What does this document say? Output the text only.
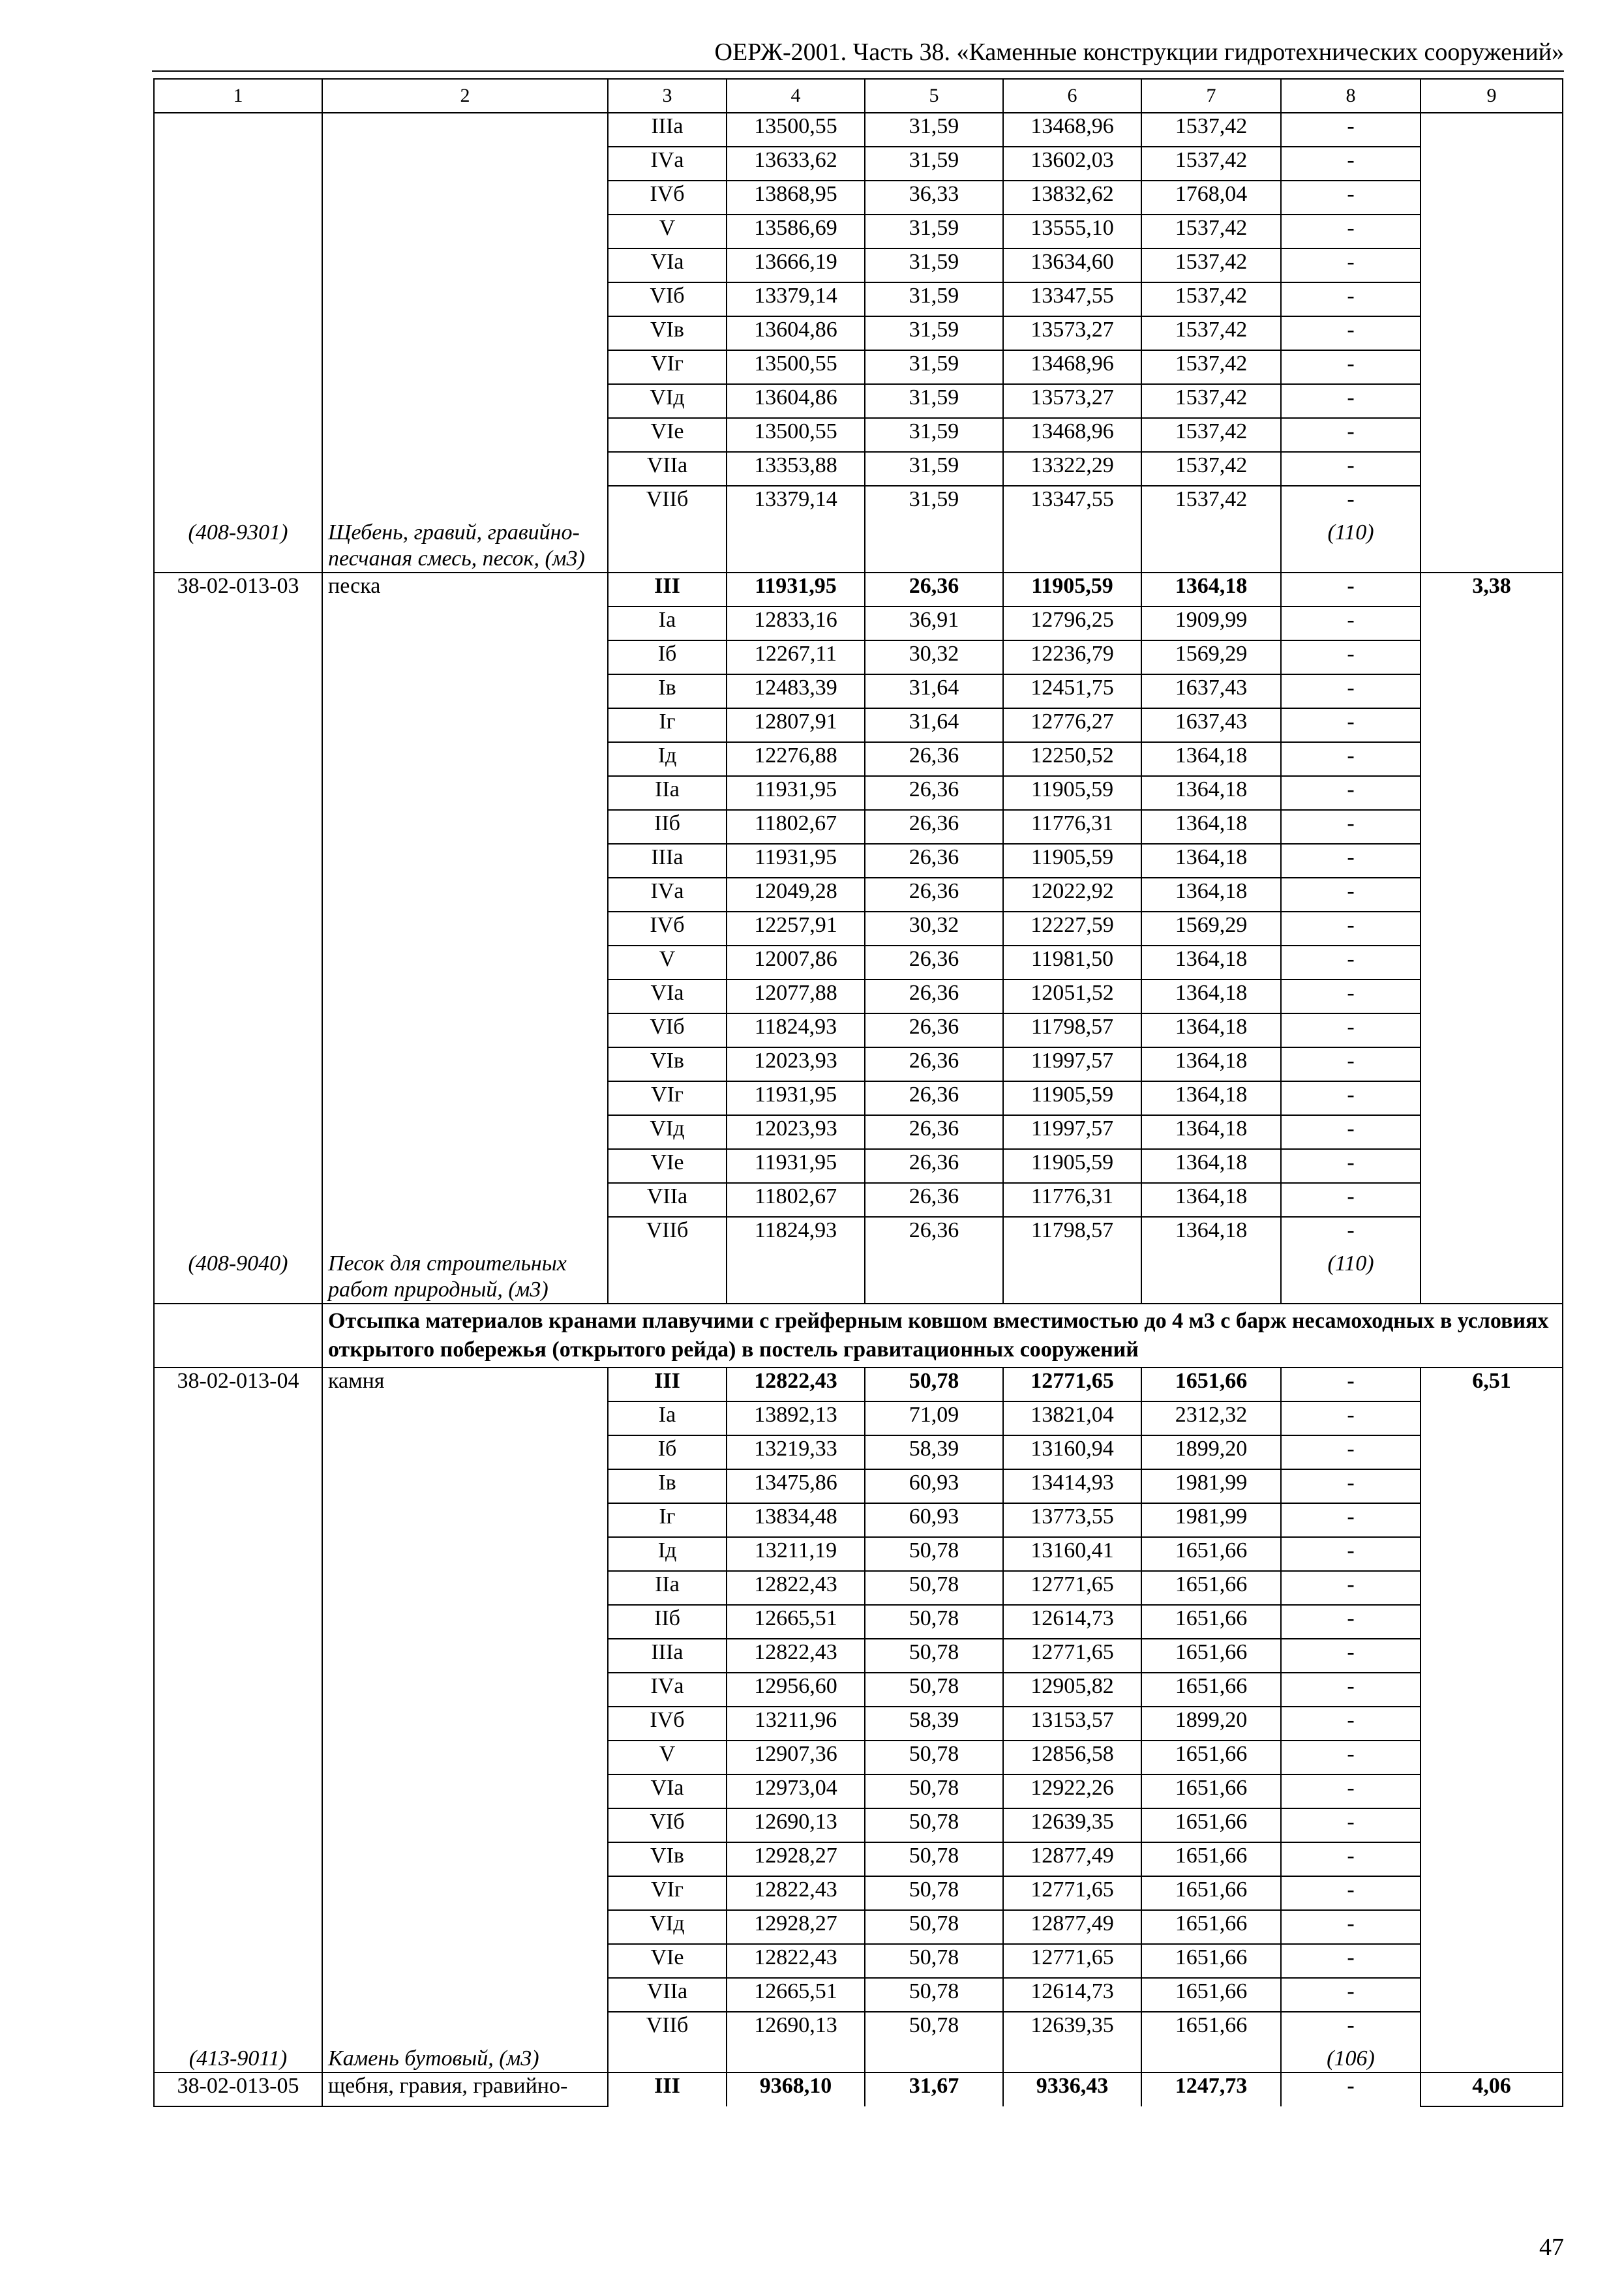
ОЕРЖ-2001. Часть 38. «Каменные конструкции гидротехнических сооружений»
1	2	3	4	5	6	7	8	9
		IIIа	13500,55	31,59	13468,96	1537,42	-	
		IVа	13633,62	31,59	13602,03	1537,42	-	
		IVб	13868,95	36,33	13832,62	1768,04	-	
		V	13586,69	31,59	13555,10	1537,42	-	
		VIа	13666,19	31,59	13634,60	1537,42	-	
		VIб	13379,14	31,59	13347,55	1537,42	-	
		VIв	13604,86	31,59	13573,27	1537,42	-	
		VIг	13500,55	31,59	13468,96	1537,42	-	
		VIд	13604,86	31,59	13573,27	1537,42	-	
		VIе	13500,55	31,59	13468,96	1537,42	-	
		VIIа	13353,88	31,59	13322,29	1537,42	-	
		VIIб	13379,14	31,59	13347,55	1537,42	-	
(408-9301)	Щебень, гравий, гравийно-песчаная смесь, песок, (м3)						(110)	
38-02-013-03	песка	III	11931,95	26,36	11905,59	1364,18	-	3,38
		Iа	12833,16	36,91	12796,25	1909,99	-	
		Iб	12267,11	30,32	12236,79	1569,29	-	
		Iв	12483,39	31,64	12451,75	1637,43	-	
		Iг	12807,91	31,64	12776,27	1637,43	-	
		Iд	12276,88	26,36	12250,52	1364,18	-	
		IIа	11931,95	26,36	11905,59	1364,18	-	
		IIб	11802,67	26,36	11776,31	1364,18	-	
		IIIа	11931,95	26,36	11905,59	1364,18	-	
		IVа	12049,28	26,36	12022,92	1364,18	-	
		IVб	12257,91	30,32	12227,59	1569,29	-	
		V	12007,86	26,36	11981,50	1364,18	-	
		VIа	12077,88	26,36	12051,52	1364,18	-	
		VIб	11824,93	26,36	11798,57	1364,18	-	
		VIв	12023,93	26,36	11997,57	1364,18	-	
		VIг	11931,95	26,36	11905,59	1364,18	-	
		VIд	12023,93	26,36	11997,57	1364,18	-	
		VIе	11931,95	26,36	11905,59	1364,18	-	
		VIIа	11802,67	26,36	11776,31	1364,18	-	
		VIIб	11824,93	26,36	11798,57	1364,18	-	
(408-9040)	Песок для строительных работ природный, (м3)						(110)	
	Отсыпка материалов кранами плавучими с грейферным ковшом вместимостью до 4 м3 с барж несамоходных в условиях открытого побережья (открытого рейда) в постель гравитационных сооружений							
38-02-013-04	камня	III	12822,43	50,78	12771,65	1651,66	-	6,51
		Iа	13892,13	71,09	13821,04	2312,32	-	
		Iб	13219,33	58,39	13160,94	1899,20	-	
		Iв	13475,86	60,93	13414,93	1981,99	-	
		Iг	13834,48	60,93	13773,55	1981,99	-	
		Iд	13211,19	50,78	13160,41	1651,66	-	
		IIа	12822,43	50,78	12771,65	1651,66	-	
		IIб	12665,51	50,78	12614,73	1651,66	-	
		IIIа	12822,43	50,78	12771,65	1651,66	-	
		IVа	12956,60	50,78	12905,82	1651,66	-	
		IVб	13211,96	58,39	13153,57	1899,20	-	
		V	12907,36	50,78	12856,58	1651,66	-	
		VIа	12973,04	50,78	12922,26	1651,66	-	
		VIб	12690,13	50,78	12639,35	1651,66	-	
		VIв	12928,27	50,78	12877,49	1651,66	-	
		VIг	12822,43	50,78	12771,65	1651,66	-	
		VIд	12928,27	50,78	12877,49	1651,66	-	
		VIе	12822,43	50,78	12771,65	1651,66	-	
		VIIа	12665,51	50,78	12614,73	1651,66	-	
		VIIб	12690,13	50,78	12639,35	1651,66	-	
(413-9011)	Камень бутовый, (м3)						(106)	
38-02-013-05	щебня, гравия, гравийно-	III	9368,10	31,67	9336,43	1247,73	-	4,06
47
